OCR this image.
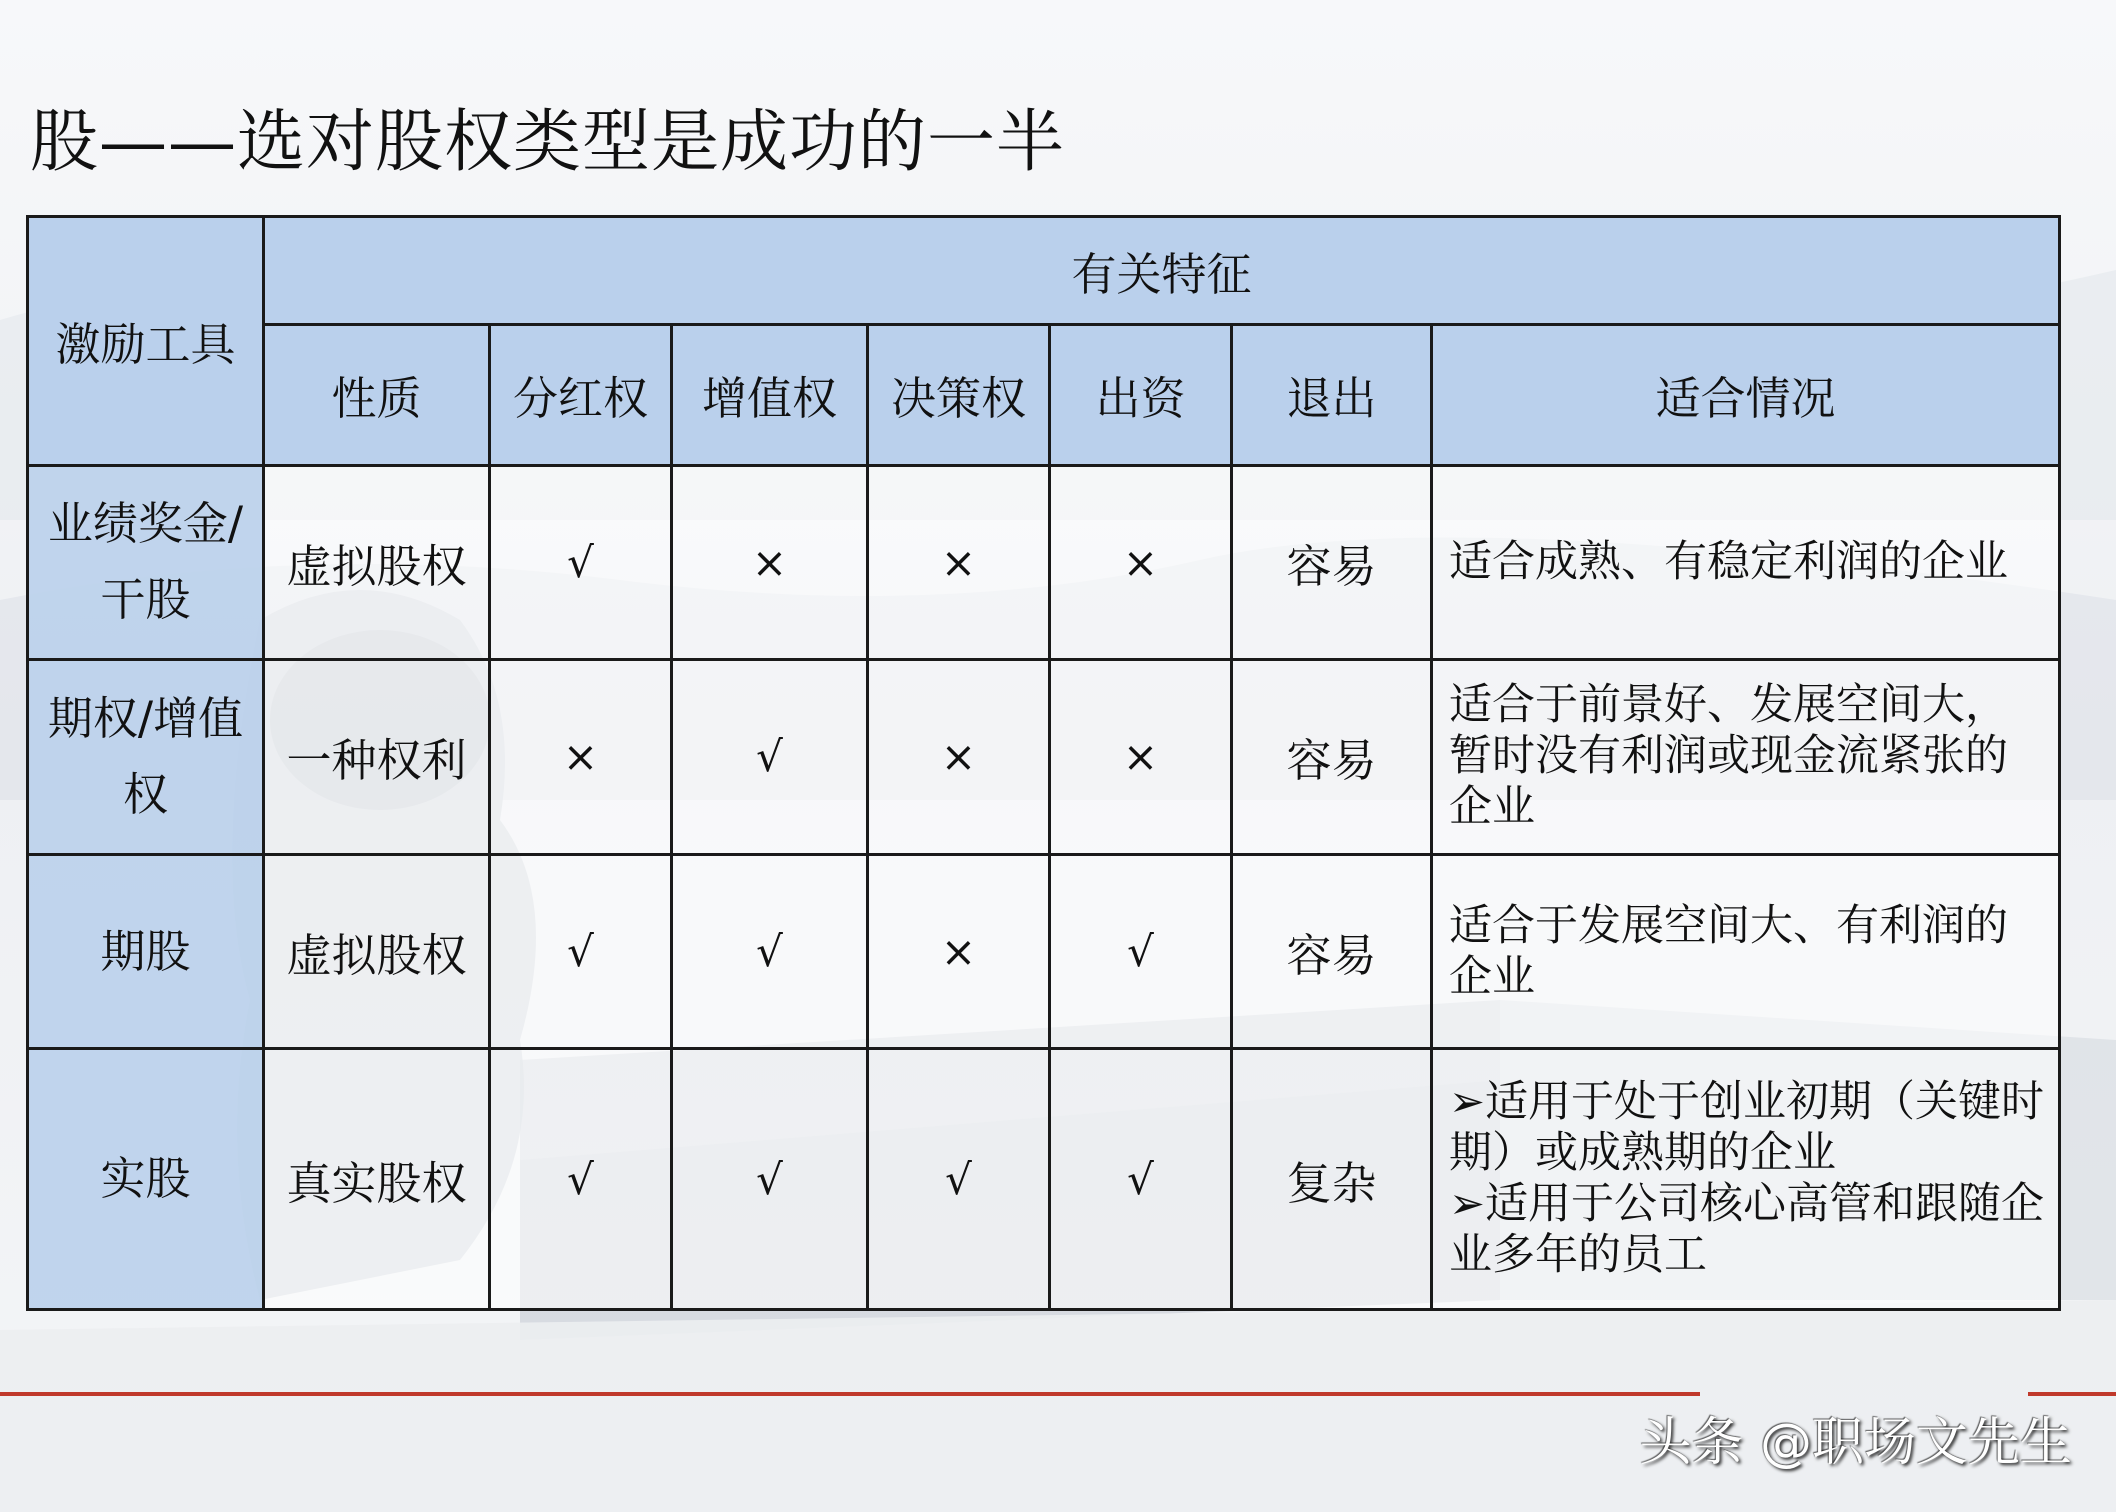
股——选对股权类型是成功的一半
激励工具	有关特征						
	性质	分红权	增值权	决策权	出资	退出	适合情况
业绩奖金/干股	虚拟股权	√	×	×	×	容易	适合成熟、有稳定利润的企业

期权/增值权	一种权利	×	√	×	×	容易	适合于前景好、发展空间大，暂时没有利润或现金流紧张的企业

期股	虚拟股权	√	√	×	√	容易	适合于发展空间大、有利润的企业

实股	真实股权	√	√	√	√	复杂	➢适用于处于创业初期（关键时期）或成熟期的企业
➢适用于公司核心高管和跟随企业多年的员工
头条 @职场文先生
